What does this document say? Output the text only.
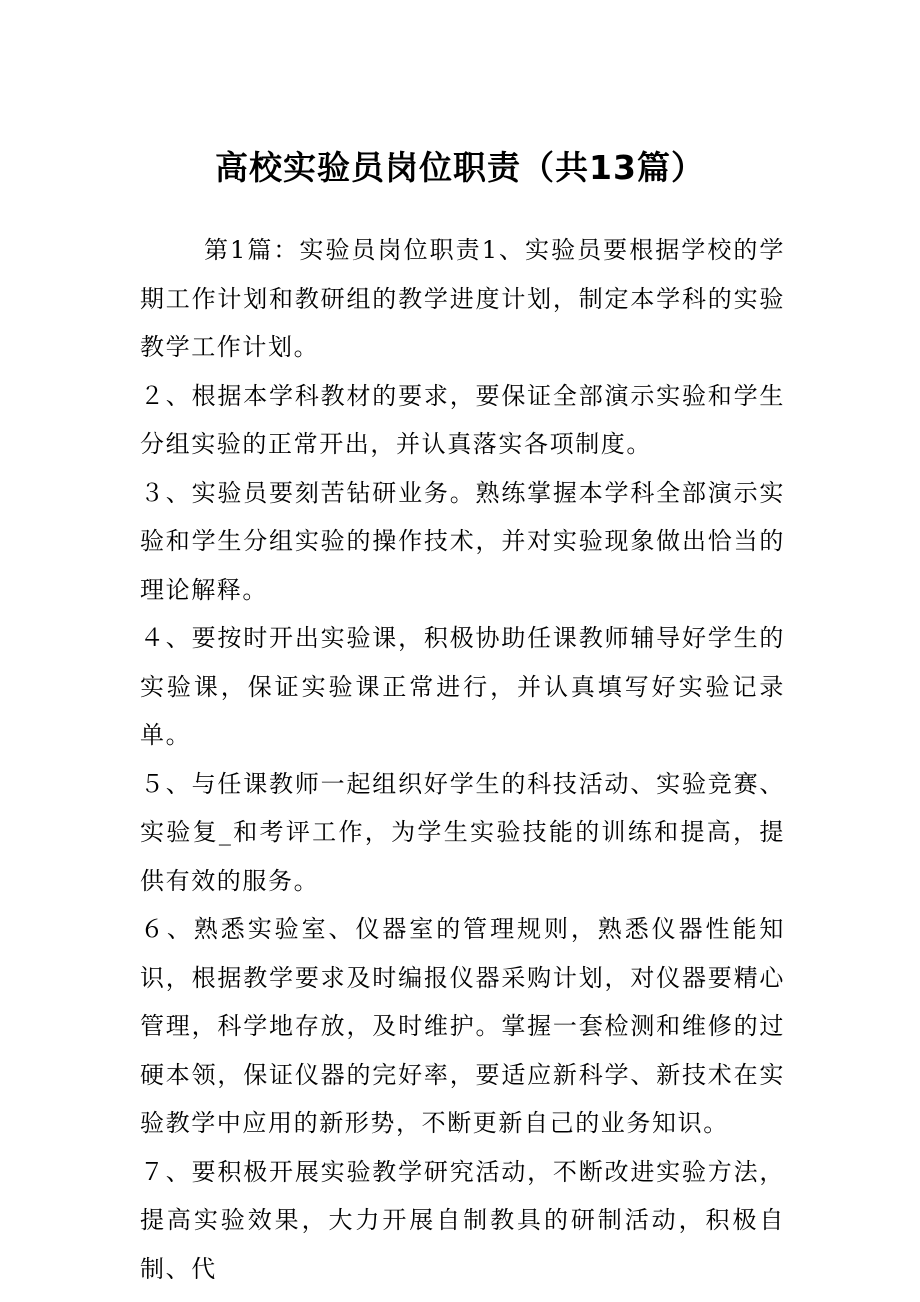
高校实验员岗位职责（共13篇）

第1篇：实验员岗位职责1、实验员要根据学校的学期工作计划和教研组的教学进度计划，制定本学科的实验教学工作计划。

２、根据本学科教材的要求，要保证全部演示实验和学生分组实验的正常开出，并认真落实各项制度。

３、实验员要刻苦钻研业务。熟练掌握本学科全部演示实验和学生分组实验的操作技术，并对实验现象做出恰当的理论解释。

４、要按时开出实验课，积极协助任课教师辅导好学生的实验课，保证实验课正常进行，并认真填写好实验记录单。

５、与任课教师一起组织好学生的科技活动、实验竞赛、实验复_和考评工作，为学生实验技能的训练和提高，提供有效的服务。

６、熟悉实验室、仪器室的管理规则，熟悉仪器性能知识，根据教学要求及时编报仪器采购计划，对仪器要精心管理，科学地存放，及时维护。掌握一套检测和维修的过硬本领，保证仪器的完好率，要适应新科学、新技术在实验教学中应用的新形势，不断更新自己的业务知识。

７、要积极开展实验教学研究活动，不断改进实验方法，提高实验效果，大力开展自制教具的研制活动，积极自制、代
